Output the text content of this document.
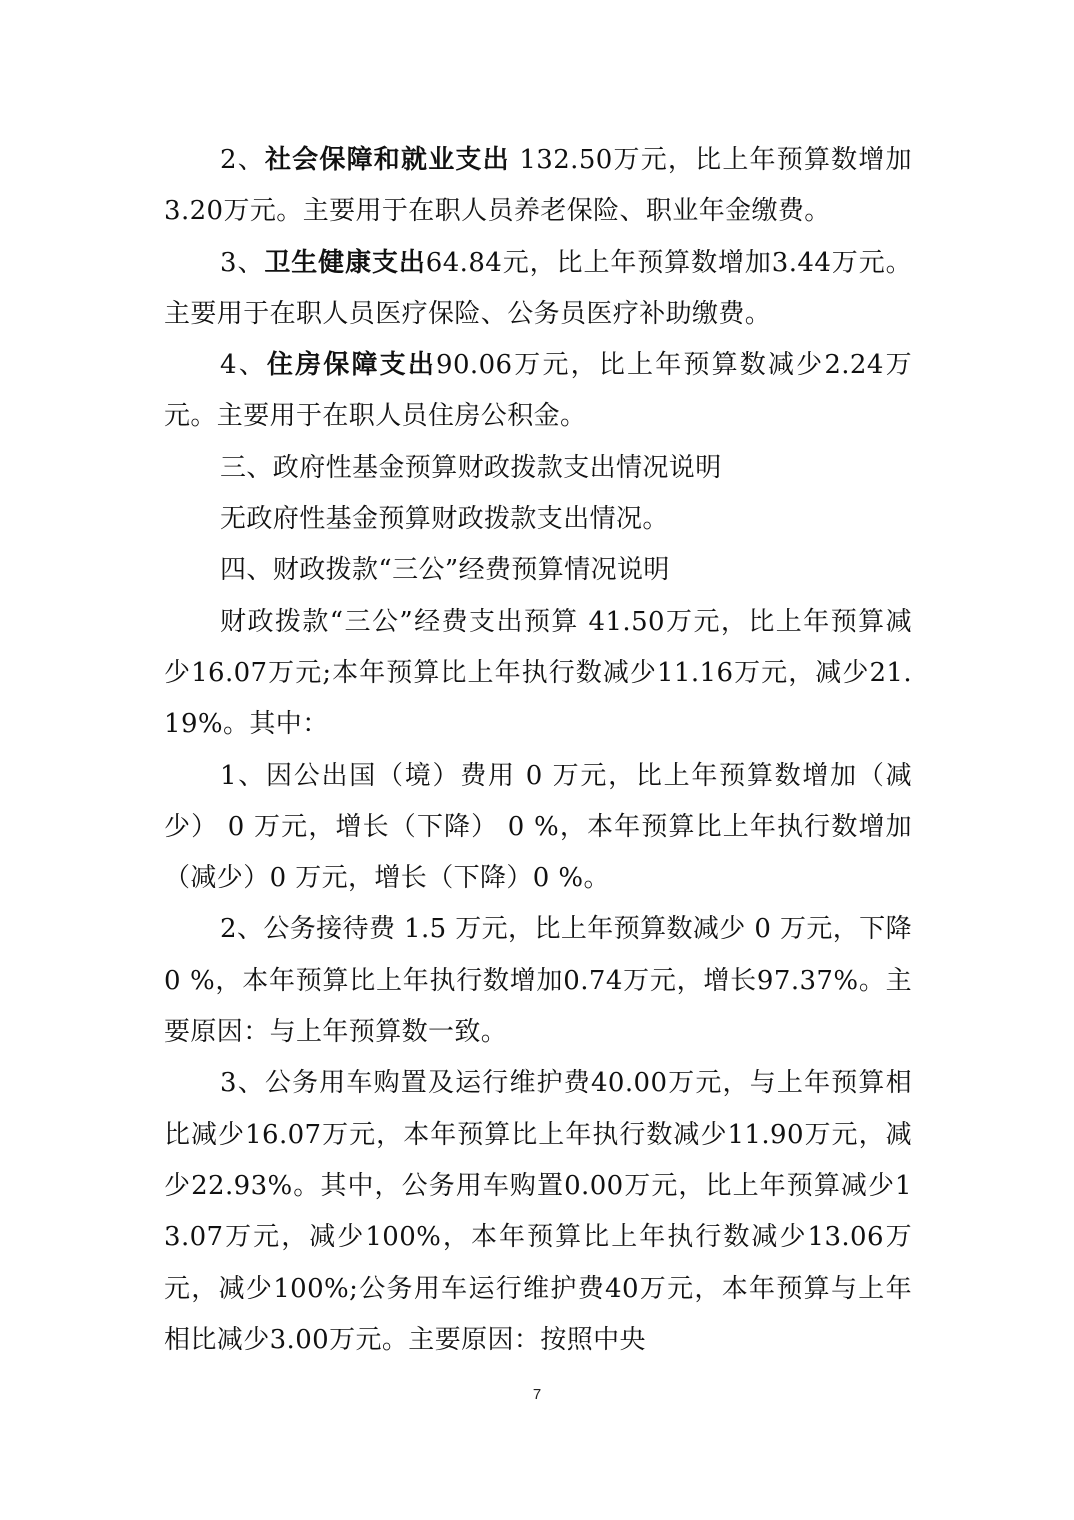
2、社会保障和就业支出 132.50万元，比上年预算数增加3.20万元。主要用于在职人员养老保险、职业年金缴费。

3、卫生健康支出64.84元，比上年预算数增加3.44万元。主要用于在职人员医疗保险、公务员医疗补助缴费。

4、住房保障支出90.06万元，比上年预算数减少2.24万元。主要用于在职人员住房公积金。

三、政府性基金预算财政拨款支出情况说明

无政府性基金预算财政拨款支出情况。

四、财政拨款“三公”经费预算情况说明

财政拨款“三公”经费支出预算 41.50万元，比上年预算减少16.07万元;本年预算比上年执行数减少11.16万元，减少21.19%。其中：

1、因公出国（境）费用 0 万元，比上年预算数增加（减少） 0 万元，增长（下降） 0 %，本年预算比上年执行数增加（减少）0 万元，增长（下降）0 %。

2、公务接待费 1.5 万元，比上年预算数减少 0 万元，下降 0 %，本年预算比上年执行数增加0.74万元，增长97.37%。主要原因：与上年预算数一致。

3、公务用车购置及运行维护费40.00万元，与上年预算相比减少16.07万元，本年预算比上年执行数减少11.90万元，减少22.93%。其中，公务用车购置0.00万元，比上年预算减少13.07万元，减少100%，本年预算比上年执行数减少13.06万元，减少100%;公务用车运行维护费40万元，本年预算与上年相比减少3.00万元。主要原因：按照中央

7
